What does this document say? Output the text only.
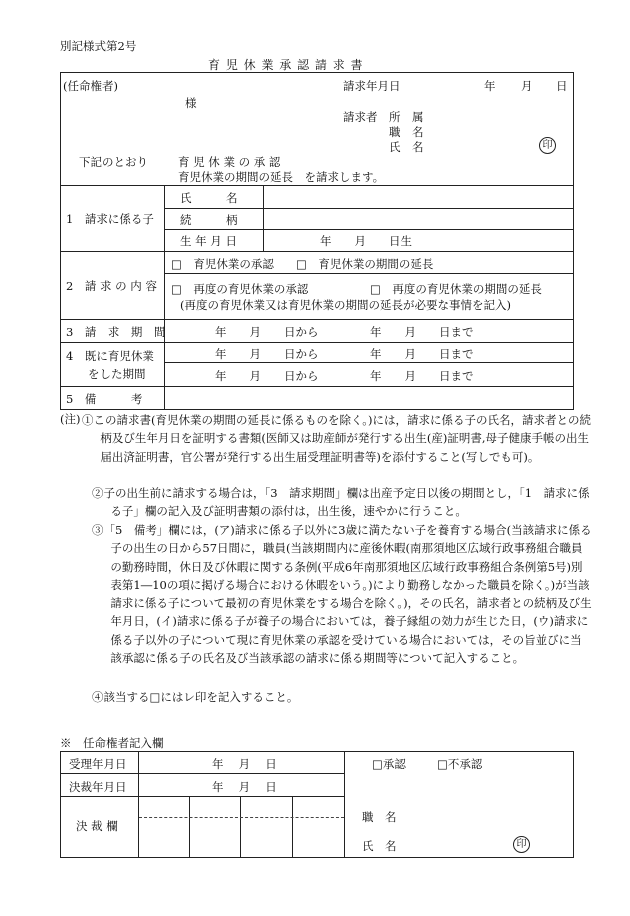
別記様式第2号
育 児 休 業 承 認 請 求 書
(任命権者)
様
請求年月日	年 月 日
請求者 所　属
職　名
氏　名	印
下記のとおり	育 児 休 業 の 承 認
育児休業の期間の延長　を請求します。
1　請求に係る子
氏　　　名
続　　　柄
生 年 月 日	年　　月　　日生
2　請 求 の 内 容
□　育児休業の承認 □　育児休業の期間の延長
□　再度の育児休業の承認	□　再度の育児休業の期間の延長
(再度の育児休業又は育児休業の期間の延長が必要な事情を記入)
3　請　求　期　間	年　　月　　日から	年　　月　　日まで
4　既に育児休業
をした期間
年　　月　　日から	年　　月　　日まで
年　　月　　日から	年　　月　　日まで
5　備　　　考
(注) ①この請求書(育児休業の期間の延長に係るものを除く。)には，請求に係る子の氏名，請求者との続柄及び生年月日を証明する書類(医師又は助産師が発行する出生(産)証明書,母子健康手帳の出生届出済証明書，官公署が発行する出生届受理証明書等)を添付すること(写しでも可)。
②子の出生前に請求する場合は，「3　請求期間」欄は出産予定日以後の期間とし，「1　請求に係る子」欄の記入及び証明書類の添付は，出生後，速やかに行うこと。
③「5　備考」欄には，(ア)請求に係る子以外に3歳に満たない子を養育する場合(当該請求に係る子の出生の日から57日間に，職員(当該期間内に産後休暇(南那須地区広域行政事務組合職員の勤務時間，休日及び休暇に関する条例(平成6年南那須地区広域行政事務組合条例第5号)別表第1―10の項に掲げる場合における休暇をいう。)により勤務しなかった職員を除く。)が当該請求に係る子について最初の育児休業をする場合を除く。)，その氏名，請求者との続柄及び生年月日，(イ)請求に係る子が養子の場合においては，養子縁組の効力が生じた日，(ウ)請求に係る子以外の子について現に育児休業の承認を受けている場合においては，その旨並びに当該承認に係る子の氏名及び当該承認の請求に係る期間等について記入すること。
④該当する□にはレ印を記入すること。
※　任命権者記入欄
受理年月日	年　 月　 日
決裁年月日	年　 月　 日
□承認	□不承認
決 裁 欄
職　名
氏　名	印
